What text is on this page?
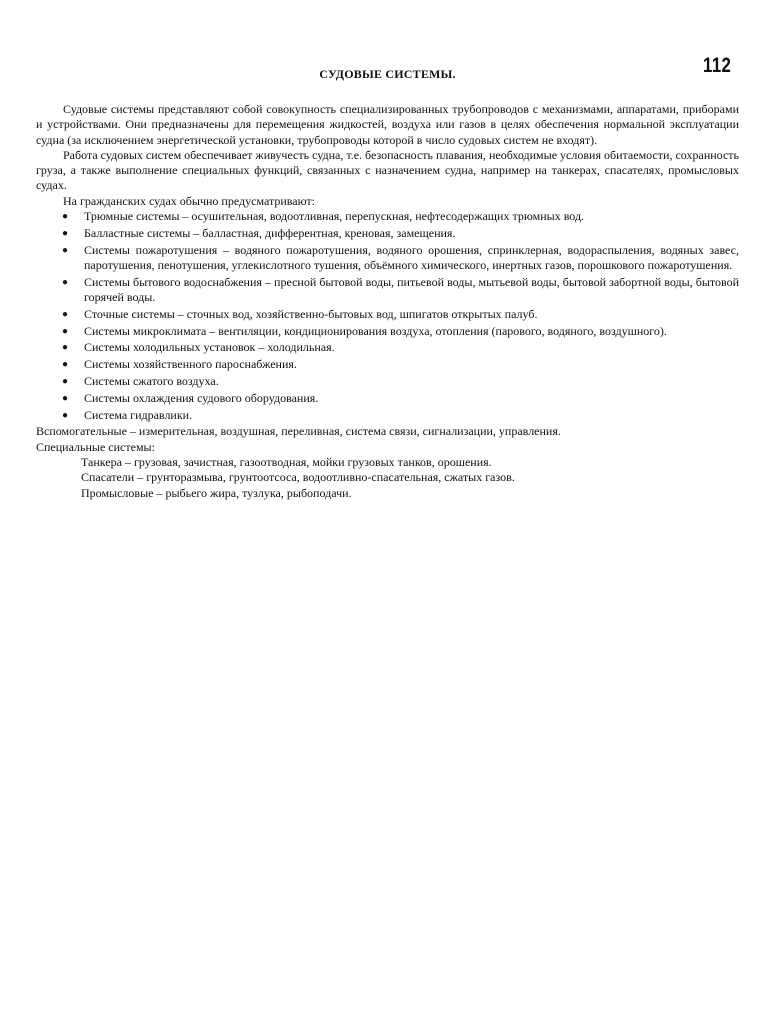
112
СУДОВЫЕ СИСТЕМЫ.

Судовые системы представляют собой совокупность специализированных трубопроводов с механизмами, аппаратами, приборами и устройствами. Они предназначены для перемещения жидкостей, воздуха или газов в целях обеспечения нормальной эксплуатации судна (за исключением энергетической установки, трубопроводы которой в число судовых систем не входят).

Работа судовых систем обеспечивает живучесть судна, т.е. безопасность плавания, необходимые условия обитаемости, сохранность груза, а также выполнение специальных функций, связанных с назначением судна, например на танкерах, спасателях, промысловых судах.

На гражданских судах обычно предусматривают:

● Трюмные системы – осушительная, водоотливная, перепускная, нефтесодержащих трюмных вод.
● Балластные системы – балластная, дифферентная, креновая, замещения.
● Системы пожаротушения – водяного пожаротушения, водяного орошения, спринклерная, водораспыления, водяных завес, паротушения, пенотушения, углекислотного тушения, объёмного химического, инертных газов, порошкового пожаротушения.
● Системы бытового водоснабжения – пресной бытовой воды, питьевой воды, мытьевой воды, бытовой забортной воды, бытовой горячей воды.
● Сточные системы – сточных вод, хозяйственно-бытовых вод, шпигатов открытых палуб.
● Системы микроклимата – вентиляции, кондиционирования воздуха, отопления (парового, водяного, воздушного).
● Системы холодильных установок – холодильная.
● Системы хозяйственного пароснабжения.
● Системы сжатого воздуха.
● Системы охлаждения судового оборудования.
● Система гидравлики.

Вспомогательные – измерительная, воздушная, переливная, система связи, сигнализации, управления.

Специальные системы:

Танкера – грузовая, зачистная, газоотводная, мойки грузовых танков, орошения.

Спасатели – грунторазмыва, грунтоотсоса, водоотливно-спасательная, сжатых газов.

Промысловые – рыбьего жира, тузлука, рыбоподачи.
